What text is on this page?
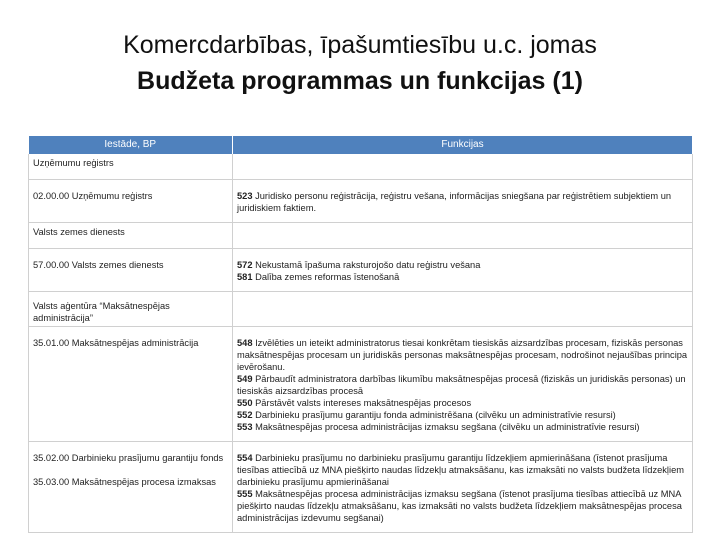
Komercdarbības, īpašumtiesību u.c. jomas
Budžeta programmas un funkcijas (1)
Iestāde, BP	Funkcijas
Uzņēmumu reģistrs	
02.00.00 Uzņēmumu reģistrs	523 Juridisko personu reģistrācija, reģistru vešana, informācijas sniegšana par reģistrētiem subjektiem un juridiskiem faktiem.

Valsts zemes dienests	
57.00.00 Valsts zemes dienests	572 Nekustamā īpašuma raksturojošo datu reģistru vešana
581 Dalība zemes reformas īstenošanā

Valsts aģentūra “Maksātnespējas administrācija”	
35.01.00 Maksātnespējas administrācija	548 Izvēlēties un ieteikt administratorus tiesai konkrētam tiesiskās aizsardzības procesam, fiziskās personas maksātnespējas procesam un juridiskās personas maksātnespējas procesam, nodrošinot nejaušības principa ievērošanu.
549 Pārbaudīt administratora darbības likumību maksātnespējas procesā (fiziskās un juridiskās personas) un tiesiskās aizsardzības procesā
550 Pārstāvēt valsts intereses maksātnespējas procesos
552 Darbinieku prasījumu garantiju fonda administrēšana (cilvēku un administratīvie resursi)
553 Maksātnespējas procesa administrācijas izmaksu segšana (cilvēku un administratīvie resursi)

35.02.00 Darbinieku prasījumu garantiju fonds
35.03.00 Maksātnespējas procesa izmaksas	554 Darbinieku prasījumu no darbinieku prasījumu garantiju līdzekļiem apmierināšana (īstenot prasījuma tiesības attiecībā uz MNA piešķirto naudas līdzekļu atmaksāšanu, kas izmaksāti no valsts budžeta līdzekļiem darbinieku prasījumu apmierināšanai
555 Maksātnespējas procesa administrācijas izmaksu segšana (īstenot prasījuma tiesības attiecībā uz MNA piešķirto naudas līdzekļu atmaksāšanu, kas izmaksāti no valsts budžeta līdzekļiem maksātnespējas procesa administrācijas izdevumu segšanai)
